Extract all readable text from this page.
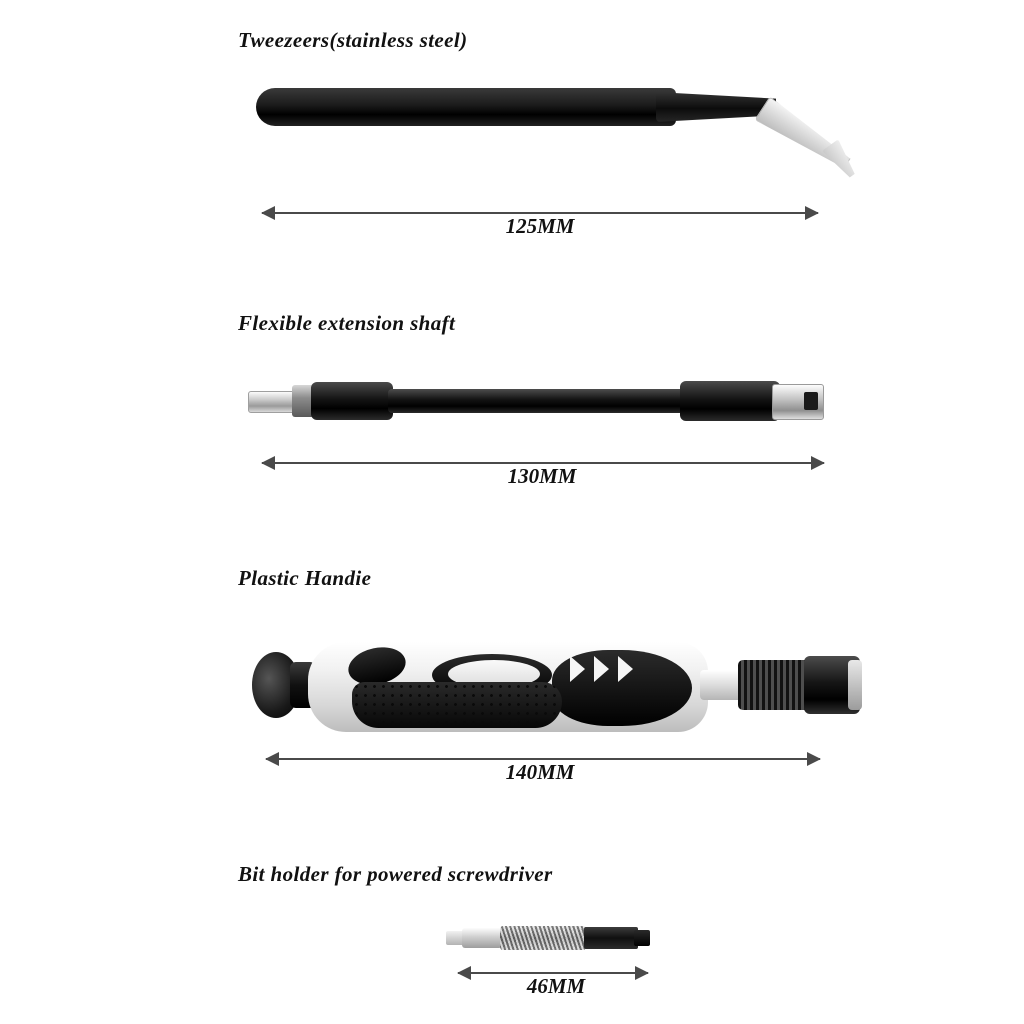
Tweezeers(stainless steel)
125MM
Flexible extension shaft
130MM
Plastic Handie
140MM
Bit holder for powered screwdriver
46MM
